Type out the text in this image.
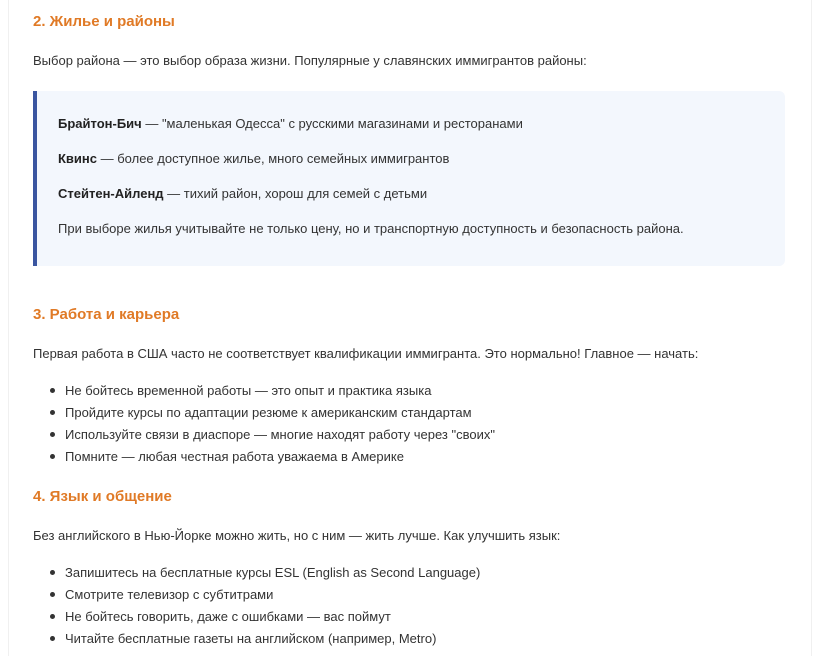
2. Жилье и районы

Выбор района — это выбор образа жизни. Популярные у славянских иммигрантов районы:

Брайтон-Бич — "маленькая Одесса" с русскими магазинами и ресторанами

Квинс — более доступное жилье, много семейных иммигрантов

Стейтен-Айленд — тихий район, хорош для семей с детьми

При выборе жилья учитывайте не только цену, но и транспортную доступность и безопасность района.

3. Работа и карьера

Первая работа в США часто не соответствует квалификации иммигранта. Это нормально! Главное — начать:

Не бойтесь временной работы — это опыт и практика языка
Пройдите курсы по адаптации резюме к американским стандартам
Используйте связи в диаспоре — многие находят работу через "своих"
Помните — любая честная работа уважаема в Америке
4. Язык и общение

Без английского в Нью-Йорке можно жить, но с ним — жить лучше. Как улучшить язык:

Запишитесь на бесплатные курсы ESL (English as Second Language)
Смотрите телевизор с субтитрами
Не бойтесь говорить, даже с ошибками — вас поймут
Читайте бесплатные газеты на английском (например, Metro)
